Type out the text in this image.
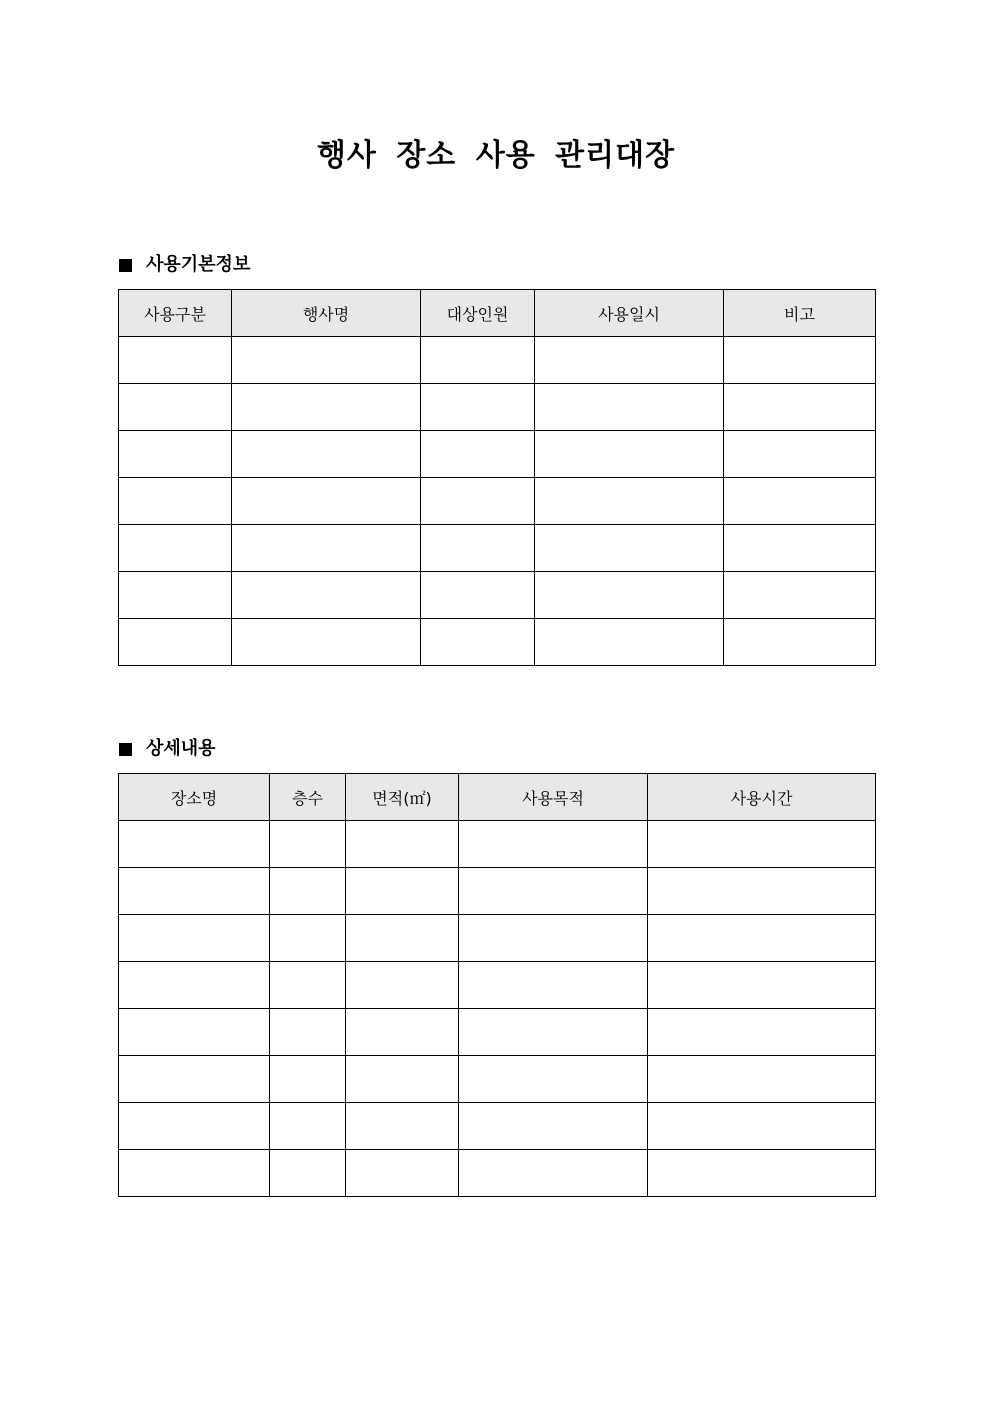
행사 장소 사용 관리대장
사용기본정보
사용구분	행사명	대상인원	사용일시	비고

상세내용
장소명	층수	면적(㎡)	사용목적	사용시간
